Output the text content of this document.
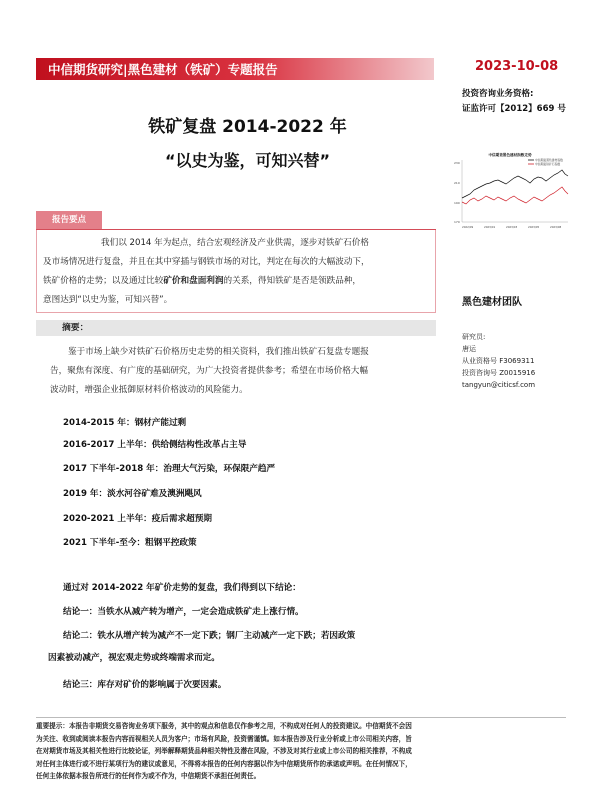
中信期货研究|黑色建材（铁矿）专题报告	2023-10-08
铁矿复盘 2014-2022 年
“以史为鉴，可知兴替”
投资咨询业务资格:
证监许可【2012】669 号
中信期货黑色建材指数走势
中信期货黑色建材指数
中信期货铁矿石指数
230
210
190
170
2022/09	2023/01	2023/03	2023/05	2023/08
报告要点
我们以 2014 年为起点，结合宏观经济及产业供需，逐步对铁矿石价格
及市场情况进行复盘，并且在其中穿插与钢铁市场的对比，判定在每次的大幅波动下，
铁矿价格的走势；以及通过比较矿价和盘面利润的关系，得知铁矿是否是领跌品种，
意图达到“以史为鉴，可知兴替”。
摘要：
鉴于市场上缺少对铁矿石价格历史走势的相关资料，我们推出铁矿石复盘专题报
告，聚焦有深度、有广度的基础研究，为广大投资者提供参考；希望在市场价格大幅
波动时，增强企业抵御原材料价格波动的风险能力。
2014-2015 年：钢材产能过剩
2016-2017 上半年：供给侧结构性改革占主导
2017 下半年-2018 年：治理大气污染，环保限产趋严
2019 年：淡水河谷矿难及澳洲飓风
2020-2021 上半年：疫后需求超预期
2021 下半年-至今：粗钢平控政策
通过对 2014-2022 年矿价走势的复盘，我们得到以下结论：
结论一：当铁水从减产转为增产，一定会造成铁矿走上涨行情。
结论二：铁水从增产转为减产不一定下跌；钢厂主动减产一定下跌；若因政策
因素被动减产，视宏观走势或终端需求而定。
结论三：库存对矿价的影响属于次要因素。
黑色建材团队
研究员:
唐运
从业资格号 F3069311
投资咨询号 Z0015916
tangyun@citicsf.com
重要提示：本报告非期货交易咨询业务项下服务，其中的观点和信息仅作参考之用，不构成对任何人的投资建议。中信期货不会因
为关注、收到或阅读本报告内容而视相关人员为客户；市场有风险，投资需谨慎。如本报告涉及行业分析或上市公司相关内容，旨
在对期货市场及其相关性进行比较论证，列举解释期货品种相关特性及潜在风险，不涉及对其行业或上市公司的相关推荐，不构成
对任何主体进行或不进行某项行为的建议或意见，不得将本报告的任何内容据以作为中信期货所作的承诺或声明。在任何情况下，
任何主体依据本报告所进行的任何作为或不作为，中信期货不承担任何责任。
